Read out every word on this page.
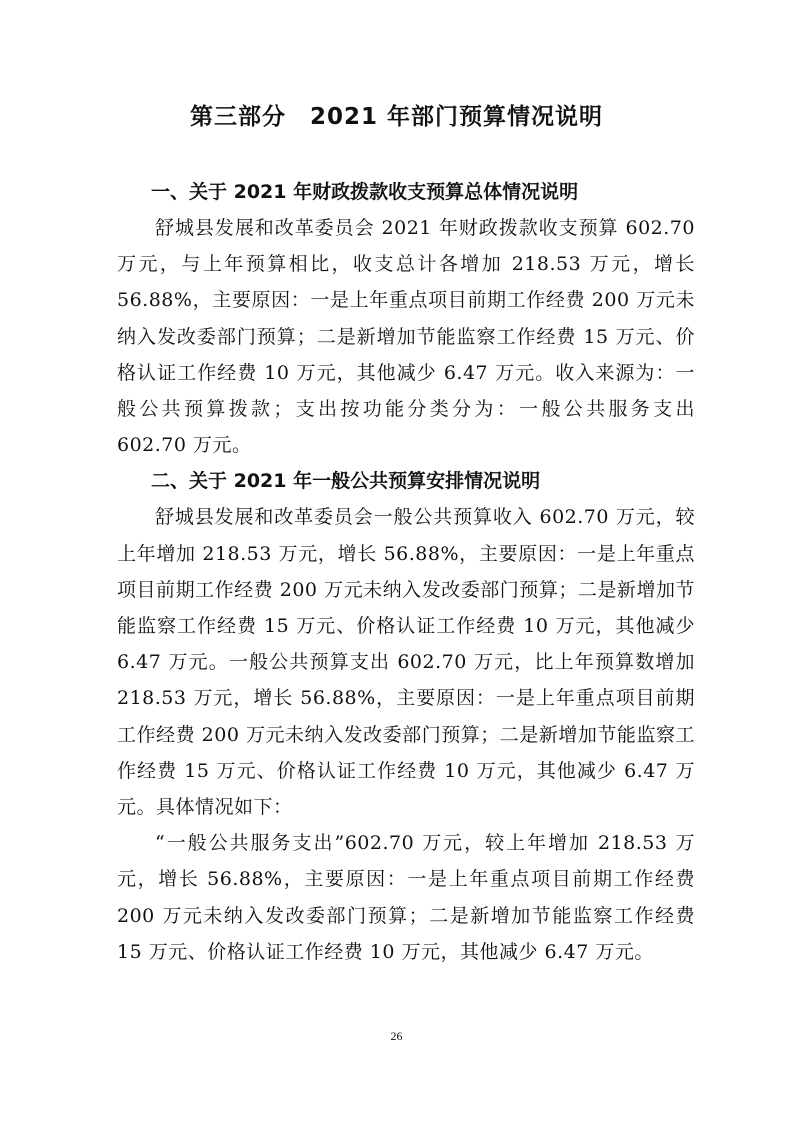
第三部分　2021 年部门预算情况说明
一、关于 2021 年财政拨款收支预算总体情况说明

舒城县发展和改革委员会 2021 年财政拨款收支预算 602.70 万元，与上年预算相比，收支总计各增加 218.53 万元，增长 56.88%，主要原因：一是上年重点项目前期工作经费 200 万元未纳入发改委部门预算；二是新增加节能监察工作经费 15 万元、价格认证工作经费 10 万元，其他减少 6.47 万元。收入来源为：一般公共预算拨款；支出按功能分类分为：一般公共服务支出 602.70 万元。

二、关于 2021 年一般公共预算安排情况说明

舒城县发展和改革委员会一般公共预算收入 602.70 万元，较上年增加 218.53 万元，增长 56.88%，主要原因：一是上年重点项目前期工作经费 200 万元未纳入发改委部门预算；二是新增加节能监察工作经费 15 万元、价格认证工作经费 10 万元，其他减少 6.47 万元。一般公共预算支出 602.70 万元，比上年预算数增加 218.53 万元，增长 56.88%，主要原因：一是上年重点项目前期工作经费 200 万元未纳入发改委部门预算；二是新增加节能监察工作经费 15 万元、价格认证工作经费 10 万元，其他减少 6.47 万元。具体情况如下：

“一般公共服务支出”602.70 万元，较上年增加 218.53 万元，增长 56.88%，主要原因：一是上年重点项目前期工作经费 200 万元未纳入发改委部门预算；二是新增加节能监察工作经费 15 万元、价格认证工作经费 10 万元，其他减少 6.47 万元。

26
